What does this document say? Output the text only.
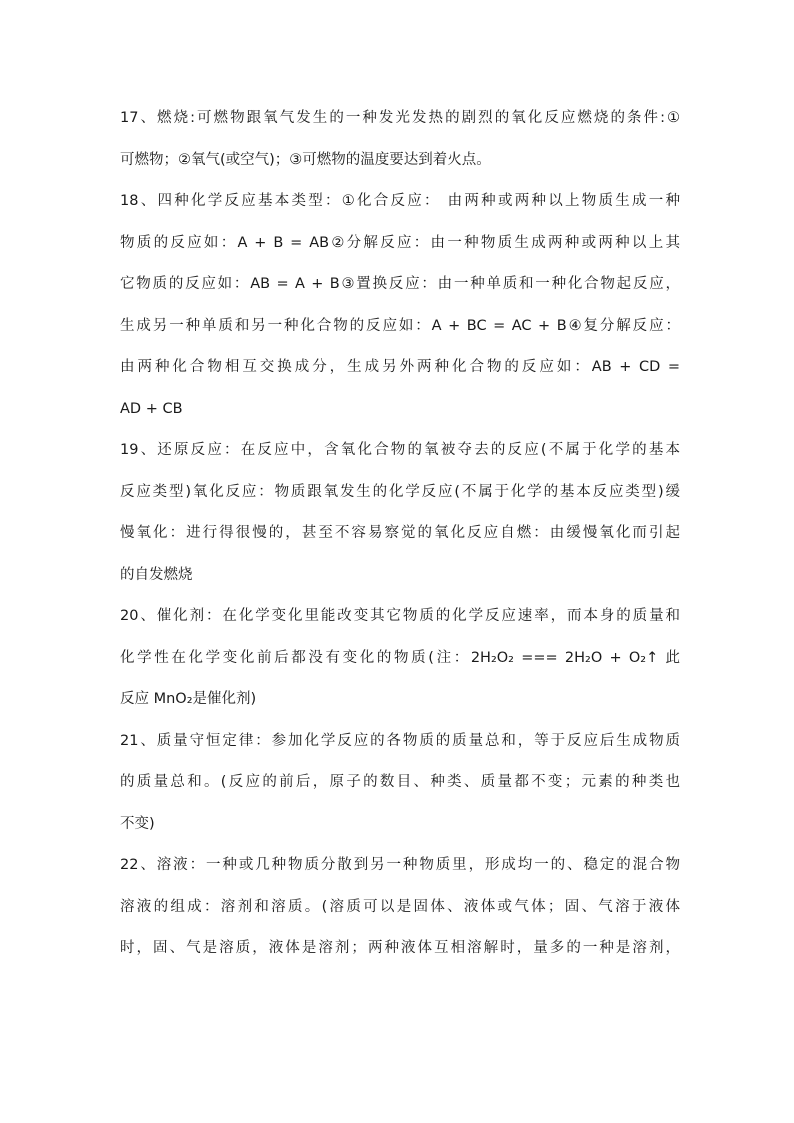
17、燃烧:可燃物跟氧气发生的一种发光发热的剧烈的氧化反应燃烧的条件:①
可燃物；②氧气(或空气)；③可燃物的温度要达到着火点。
18、四种化学反应基本类型：①化合反应： 由两种或两种以上物质生成一种
物质的反应如：A + B = AB②分解反应：由一种物质生成两种或两种以上其
它物质的反应如：AB = A + B③置换反应：由一种单质和一种化合物起反应，
生成另一种单质和另一种化合物的反应如：A + BC = AC + B④复分解反应：
由两种化合物相互交换成分，生成另外两种化合物的反应如：AB + CD =
AD + CB
19、还原反应：在反应中，含氧化合物的氧被夺去的反应(不属于化学的基本
反应类型)氧化反应：物质跟氧发生的化学反应(不属于化学的基本反应类型)缓
慢氧化：进行得很慢的，甚至不容易察觉的氧化反应自燃：由缓慢氧化而引起
的自发燃烧
20、催化剂：在化学变化里能改变其它物质的化学反应速率，而本身的质量和
化学性在化学变化前后都没有变化的物质(注：2H₂O₂ === 2H₂O + O₂↑ 此
反应 MnO₂是催化剂)
21、质量守恒定律：参加化学反应的各物质的质量总和，等于反应后生成物质
的质量总和。(反应的前后，原子的数目、种类、质量都不变；元素的种类也
不变)
22、溶液：一种或几种物质分散到另一种物质里，形成均一的、稳定的混合物
溶液的组成：溶剂和溶质。(溶质可以是固体、液体或气体；固、气溶于液体
时，固、气是溶质，液体是溶剂；两种液体互相溶解时，量多的一种是溶剂，
